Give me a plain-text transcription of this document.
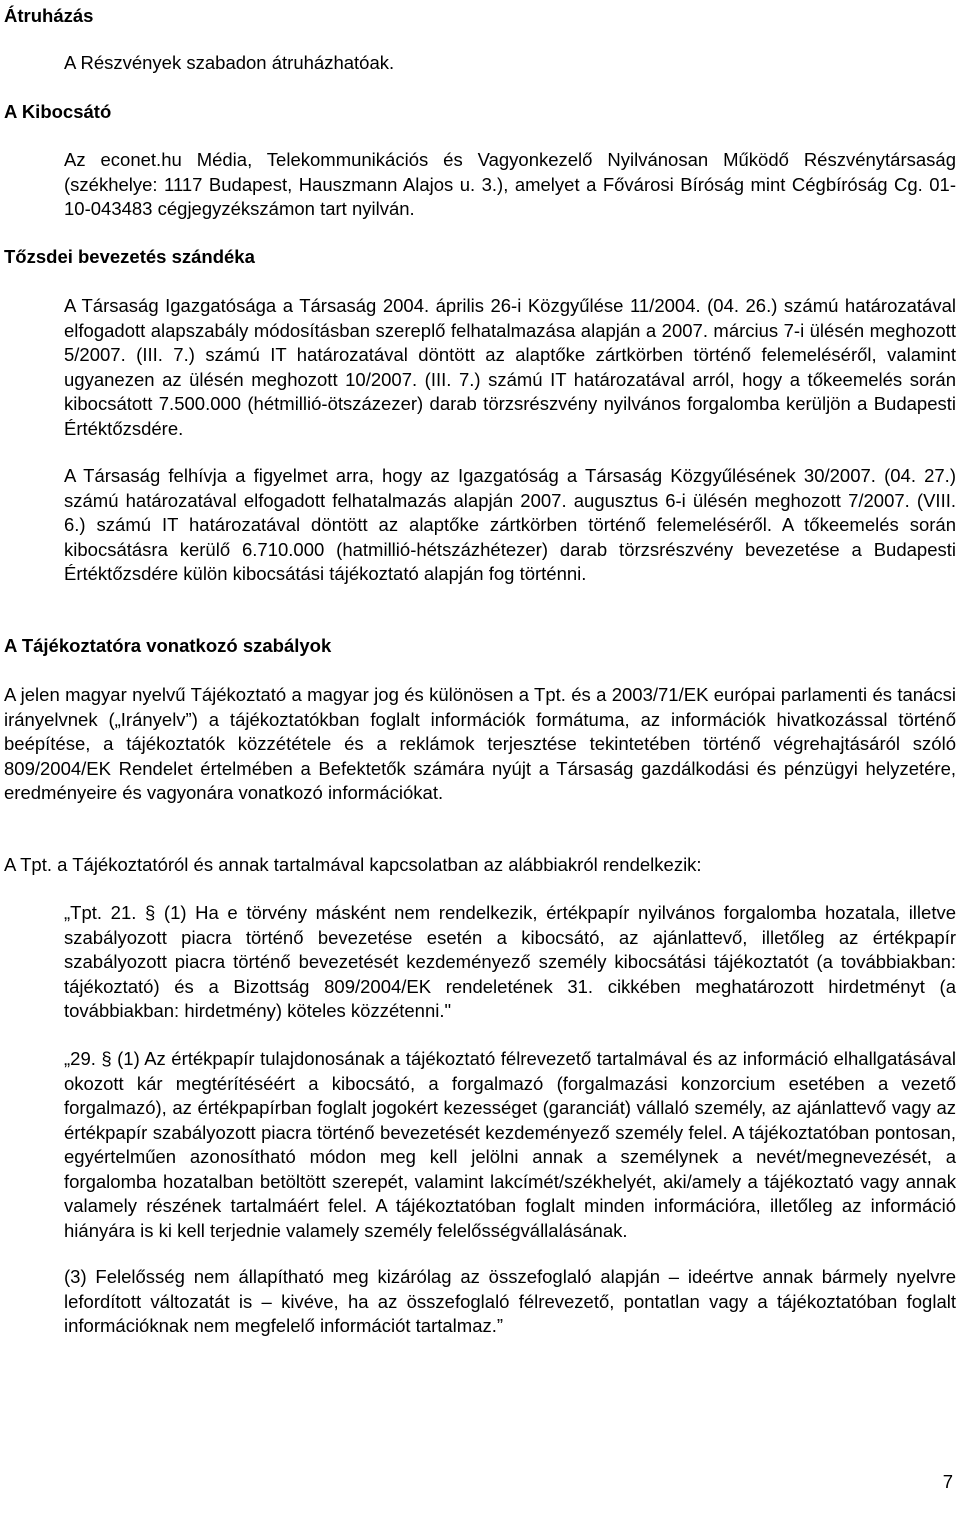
Átruházás

A Részvények szabadon átruházhatóak.

A Kibocsátó

Az econet.hu Média, Telekommunikációs és Vagyonkezelő Nyilvánosan Működő Részvénytársaság (székhelye: 1117 Budapest, Hauszmann Alajos u. 3.), amelyet a Fővárosi Bíróság mint Cégbíróság Cg. 01-10-043483 cégjegyzékszámon tart nyilván.

Tőzsdei bevezetés szándéka

A Társaság Igazgatósága a Társaság 2004. április 26-i Közgyűlése 11/2004. (04. 26.) számú határozatával elfogadott alapszabály módosításban szereplő felhatalmazása alapján a 2007. március 7-i ülésén meghozott 5/2007. (III. 7.) számú IT határozatával döntött az alaptőke zártkörben történő felemeléséről, valamint ugyanezen az ülésén meghozott 10/2007. (III. 7.) számú IT határozatával arról, hogy a tőkeemelés során kibocsátott 7.500.000 (hétmillió-ötszázezer) darab törzsrészvény nyilvános forgalomba kerüljön a Budapesti Értéktőzsdére.

A Társaság felhívja a figyelmet arra, hogy az Igazgatóság a Társaság Közgyűlésének 30/2007. (04. 27.) számú határozatával elfogadott felhatalmazás alapján 2007. augusztus 6-i ülésén meghozott 7/2007. (VIII. 6.) számú IT határozatával döntött az alaptőke zártkörben történő felemeléséről. A tőkeemelés során kibocsátásra kerülő 6.710.000 (hatmillió-hétszázhétezer) darab törzsrészvény bevezetése a Budapesti Értéktőzsdére külön kibocsátási tájékoztató alapján fog történni.

A Tájékoztatóra vonatkozó szabályok

A jelen magyar nyelvű Tájékoztató a magyar jog és különösen a Tpt. és a 2003/71/EK európai parlamenti és tanácsi irányelvnek („Irányelv”) a tájékoztatókban foglalt információk formátuma, az információk hivatkozással történő beépítése, a tájékoztatók közzététele és a reklámok terjesztése tekintetében történő végrehajtásáról szóló 809/2004/EK Rendelet értelmében a Befektetők számára nyújt a Társaság gazdálkodási és pénzügyi helyzetére, eredményeire és vagyonára vonatkozó információkat.

A Tpt. a Tájékoztatóról és annak tartalmával kapcsolatban az alábbiakról rendelkezik:

„Tpt. 21. § (1) Ha e törvény másként nem rendelkezik, értékpapír nyilvános forgalomba hozatala, illetve szabályozott piacra történő bevezetése esetén a kibocsátó, az ajánlattevő, illetőleg az értékpapír szabályozott piacra történő bevezetését kezdeményező személy kibocsátási tájékoztatót (a továbbiakban: tájékoztató) és a Bizottság 809/2004/EK rendeletének 31. cikkében meghatározott hirdetményt (a továbbiakban: hirdetmény) köteles közzétenni."

„29. § (1) Az értékpapír tulajdonosának a tájékoztató félrevezető tartalmával és az információ elhallgatásával okozott kár megtérítéséért a kibocsátó, a forgalmazó (forgalmazási konzorcium esetében a vezető forgalmazó), az értékpapírban foglalt jogokért kezességet (garanciát) vállaló személy, az ajánlattevő vagy az értékpapír szabályozott piacra történő bevezetését kezdeményező személy felel. A tájékoztatóban pontosan, egyértelműen azonosítható módon meg kell jelölni annak a személynek a nevét/megnevezését, a forgalomba hozatalban betöltött szerepét, valamint lakcímét/székhelyét, aki/amely a tájékoztató vagy annak valamely részének tartalmáért felel. A tájékoztatóban foglalt minden információra, illetőleg az információ hiányára is ki kell terjednie valamely személy felelősségvállalásának.

(3) Felelősség nem állapítható meg kizárólag az összefoglaló alapján – ideértve annak bármely nyelvre lefordított változatát is – kivéve, ha az összefoglaló félrevezető, pontatlan vagy a tájékoztatóban foglalt információknak nem megfelelő információt tartalmaz.”

7
